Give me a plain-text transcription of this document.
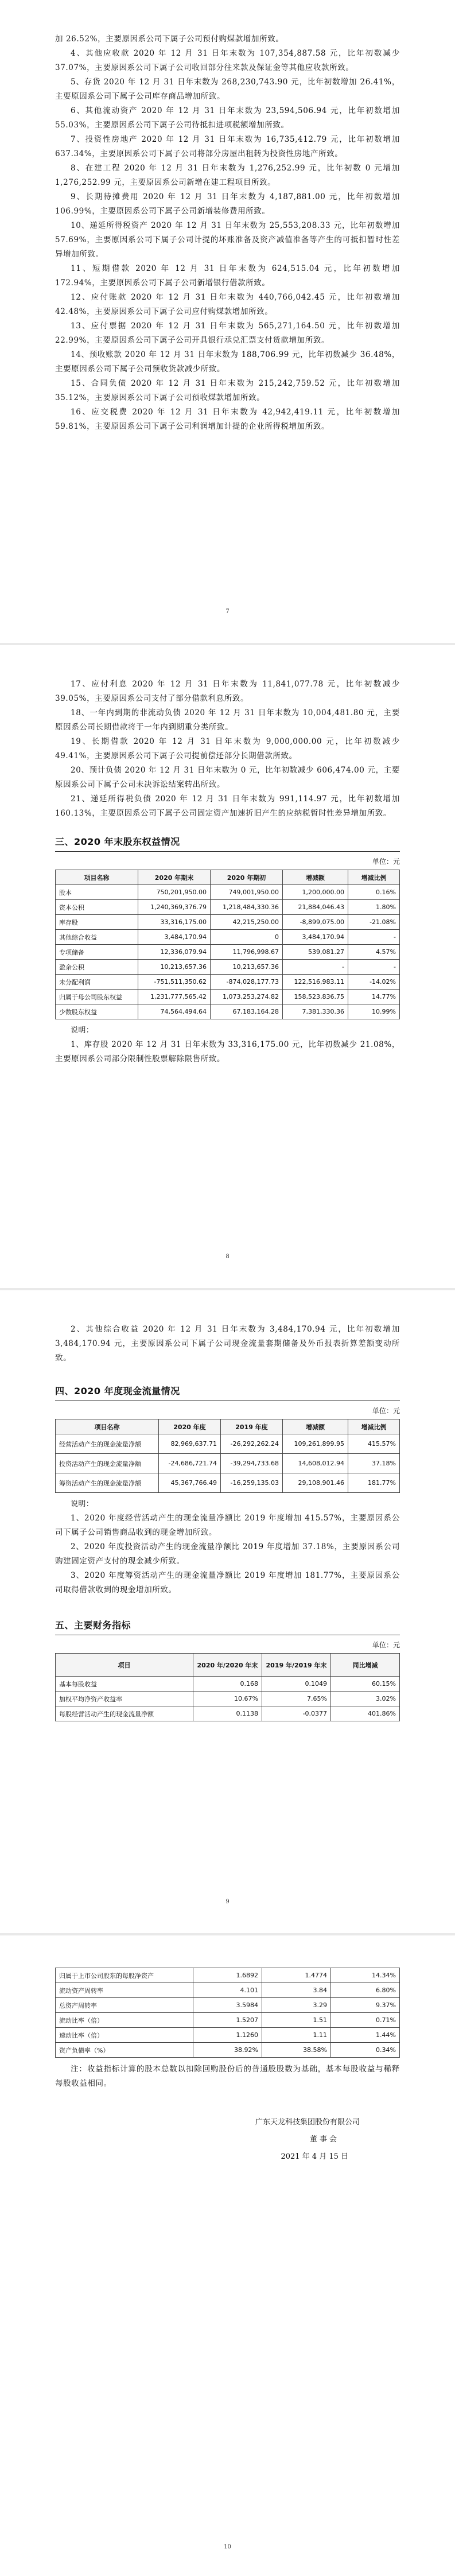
加 26.52%，主要原因系公司下属子公司预付购煤款增加所致。

4、其他应收款 2020 年 12 月 31 日年末数为 107,354,887.58 元，比年初数减少 37.07%，主要原因系公司下属子公司收回部分往来款及保证金等其他应收款所致。

5、存货 2020 年 12 月 31 日年末数为 268,230,743.90 元，比年初数增加 26.41%，主要原因系公司下属子公司库存商品增加所致。

6、其他流动资产 2020 年 12 月 31 日年末数为 23,594,506.94 元，比年初数增加 55.03%，主要原因系公司下属子公司待抵扣进项税额增加所致。

7、投资性房地产 2020 年 12 月 31 日年末数为 16,735,412.79 元，比年初数增加 637.34%，主要原因系公司下属子公司将部分房屋出租转为投资性房地产所致。

8、在建工程 2020 年 12 月 31 日年末数为 1,276,252.99 元，比年初数 0 元增加 1,276,252.99 元，主要原因系公司新增在建工程项目所致。

9、长期待摊费用 2020 年 12 月 31 日年末数为 4,187,881.00 元，比年初数增加 106.99%，主要原因系公司下属子公司新增装修费用所致。

10、递延所得税资产 2020 年 12 月 31 日年末数为 25,553,208.33 元，比年初数增加 57.69%，主要原因系公司下属子公司计提的坏账准备及资产减值准备等产生的可抵扣暂时性差异增加所致。

11、短期借款 2020 年 12 月 31 日年末数为 624,515.04 元，比年初数增加 172.94%，主要原因系公司下属子公司新增银行借款所致。

12、应付账款 2020 年 12 月 31 日年末数为 440,766,042.45 元，比年初数增加 42.48%，主要原因系公司下属子公司应付购煤款增加所致。

13、应付票据 2020 年 12 月 31 日年末数为 565,271,164.50 元，比年初数增加 22.99%，主要原因系公司下属子公司开具银行承兑汇票支付货款增加所致。

14、预收账款 2020 年 12 月 31 日年末数为 188,706.99 元，比年初数减少 36.48%，主要原因系公司下属子公司预收货款减少所致。

15、合同负债 2020 年 12 月 31 日年末数为 215,242,759.52 元，比年初数增加 35.12%，主要原因系公司下属子公司预收煤款增加所致。

16、应交税费 2020 年 12 月 31 日年末数为 42,942,419.11 元，比年初数增加 59.81%，主要原因系公司下属子公司利润增加计提的企业所得税增加所致。

7

17、应付利息 2020 年 12 月 31 日年末数为 11,841,077.78 元，比年初数减少 39.05%，主要原因系公司支付了部分借款利息所致。

18、一年内到期的非流动负债 2020 年 12 月 31 日年末数为 10,004,481.80 元，主要原因系公司长期借款将于一年内到期重分类所致。

19、长期借款 2020 年 12 月 31 日年末数为 9,000,000.00 元，比年初数减少 49.41%，主要原因系公司下属子公司提前偿还部分长期借款所致。

20、预计负债 2020 年 12 月 31 日年末数为 0 元，比年初数减少 606,474.00 元，主要原因系公司下属子公司未决诉讼结案转出所致。

21、递延所得税负债 2020 年 12 月 31 日年末数为 991,114.97 元，比年初数增加 160.13%，主要原因系公司下属子公司固定资产加速折旧产生的应纳税暂时性差异增加所致。

三、2020 年末股东权益情况
单位：元
项目名称	2020 年期末	2020 年期初	增减额	增减比例
股本	750,201,950.00	749,001,950.00	1,200,000.00	0.16%
资本公积	1,240,369,376.79	1,218,484,330.36	21,884,046.43	1.80%
库存股	33,316,175.00	42,215,250.00	-8,899,075.00	-21.08%
其他综合收益	3,484,170.94	0	3,484,170.94	-
专项储备	12,336,079.94	11,796,998.67	539,081.27	4.57%
盈余公积	10,213,657.36	10,213,657.36	-	-
未分配利润	-751,511,350.62	-874,028,177.73	122,516,983.11	-14.02%
归属于母公司股东权益	1,231,777,565.42	1,073,253,274.82	158,523,836.75	14.77%
少数股东权益	74,564,494.64	67,183,164.28	7,381,330.36	10.99%

说明：

1、库存股 2020 年 12 月 31 日年末数为 33,316,175.00 元，比年初数减少 21.08%，主要原因系公司部分限制性股票解除限售所致。

8

2、其他综合收益 2020 年 12 月 31 日年末数为 3,484,170.94 元，比年初数增加 3,484,170.94 元，主要原因系公司下属子公司现金流量套期储备及外币报表折算差额变动所致。

四、2020 年度现金流量情况
单位：元
项目名称	2020 年度	2019 年度	增减额	增减比例
经营活动产生的现金流量净额	82,969,637.71	-26,292,262.24	109,261,899.95	415.57%
投资活动产生的现金流量净额	-24,686,721.74	-39,294,733.68	14,608,012.94	37.18%
筹资活动产生的现金流量净额	45,367,766.49	-16,259,135.03	29,108,901.46	181.77%

说明：

1、2020 年度经营活动产生的现金流量净额比 2019 年度增加 415.57%，主要原因系公司下属子公司销售商品收到的现金增加所致。

2、2020 年度投资活动产生的现金流量净额比 2019 年度增加 37.18%，主要原因系公司购建固定资产支付的现金减少所致。

3、2020 年度筹资活动产生的现金流量净额比 2019 年度增加 181.77%，主要原因系公司取得借款收到的现金增加所致。

五、主要财务指标
单位：元
项目	2020 年/2020 年末	2019 年/2019 年末	同比增减
基本每股收益	0.168	0.1049	60.15%
加权平均净资产收益率	10.67%	7.65%	3.02%
每股经营活动产生的现金流量净额	0.1138	-0.0377	401.86%
9
归属于上市公司股东的每股净资产	1.6892	1.4774	14.34%
流动资产周转率	4.101	3.84	6.80%
总资产周转率	3.5984	3.29	9.37%
流动比率（倍）	1.5207	1.51	0.71%
速动比率（倍）	1.1260	1.11	1.44%
资产负债率（%）	38.92%	38.58%	0.34%

注：收益指标计算的股本总数以扣除回购股份后的普通股股数为基础，基本每股收益与稀释每股收益相同。

广东天龙科技集团股份有限公司
董 事 会
2021 年 4 月 15 日
10
